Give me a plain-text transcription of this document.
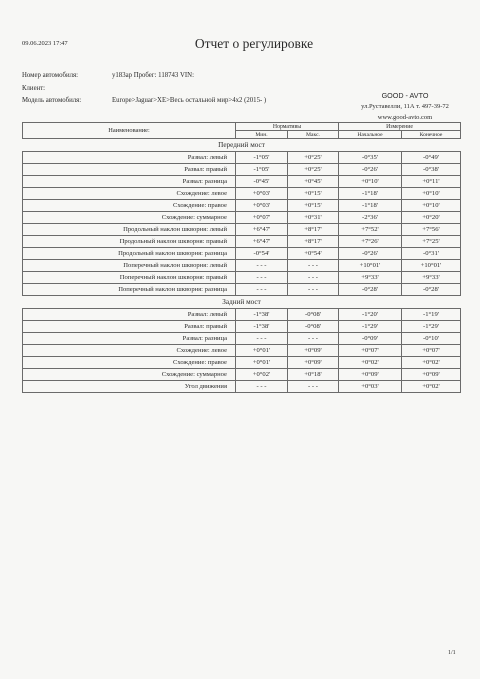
09.06.2023 17:47	Отчет о регулировке
Номер автомобиля:	у183ар Пробег: 118743 VIN:
Клиент:
Модель автомобиля:	Europe>Jaguar>XE>Весь остальной мир>4x2 (2015- )
GOOD - AVTO
ул.Руставелли, 11А т. 497-39-72
www.good-avto.com
Наименование:	Нормативы		Измерение	
	Мин.	Макс.	Начальное	Конечное
Передний мост				
Развал: левый	-1°05'	+0°25'	-0°35'	-0°49'
Развал: правый	-1°05'	+0°25'	-0°26'	-0°38'
Развал: разница	-0°45'	+0°45'	+0°10'	+0°11'
Схождение: левое	+0°03'	+0°15'	-1°18'	+0°10'
Схождение: правое	+0°03'	+0°15'	-1°18'	+0°10'
Схождение: суммарное	+0°07'	+0°31'	-2°36'	+0°20'
Продольный наклон шкворня: левый	+6°47'	+8°17'	+7°52'	+7°56'
Продольный наклон шкворня: правый	+6°47'	+8°17'	+7°26'	+7°25'
Продольный наклон шкворня: разница	-0°54'	+0°54'	-0°26'	-0°31'
Поперечный наклон шкворня: левый	- - -	- - -	+10°01'	+10°01'
Поперечный наклон шкворня: правый	- - -	- - -	+9°33'	+9°33'
Поперечный наклон шкворня: разница	- - -	- - -	-0°28'	-0°28'
Задний мост				
Развал: левый	-1°38'	-0°08'	-1°20'	-1°19'
Развал: правый	-1°38'	-0°08'	-1°29'	-1°29'
Развал: разница	- - -	- - -	-0°09'	-0°10'
Схождение: левое	+0°01'	+0°09'	+0°07'	+0°07'
Схождение: правое	+0°01'	+0°09'	+0°02'	+0°02'
Схождение: суммарное	+0°02'	+0°18'	+0°09'	+0°09'
Угол движения	- - -	- - -	+0°03'	+0°02'
1/1
